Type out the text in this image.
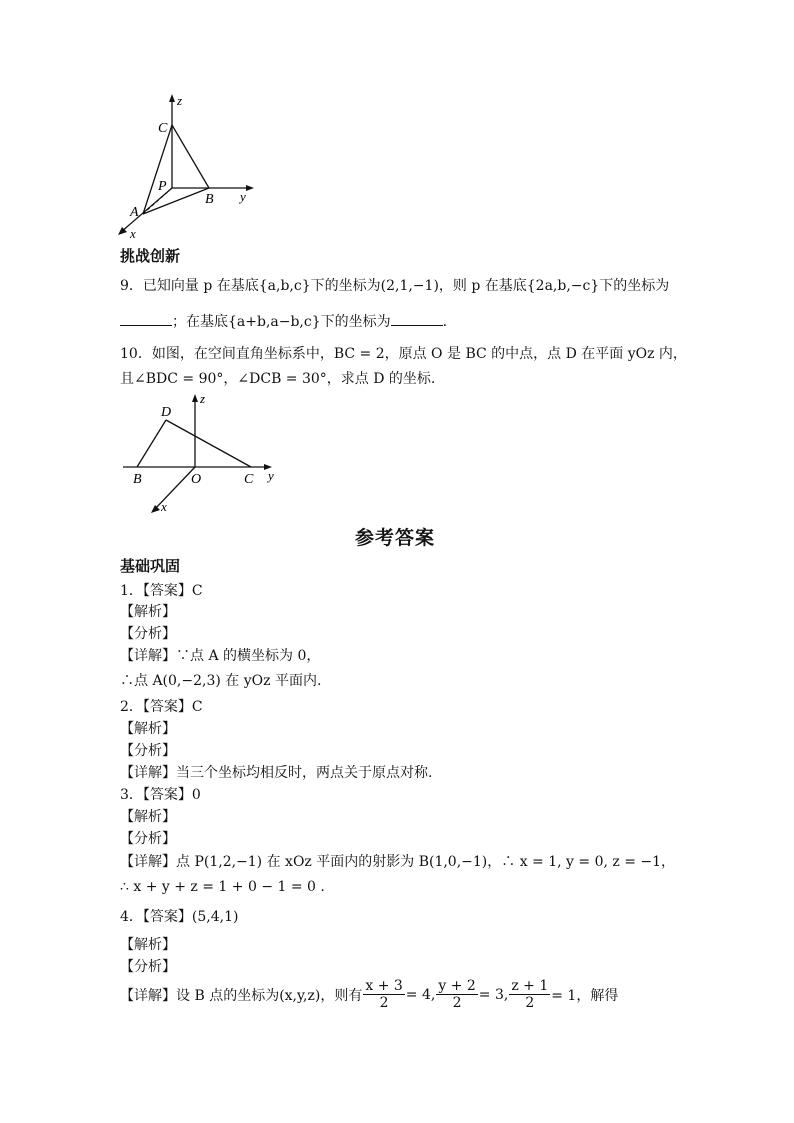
z
C
P
B y
A
x
挑战创新
9．已知向量 p 在基底{a,b,c}下的坐标为(2,1,−1)，则 p 在基底{2a,b,−c}下的坐标为
；在基底{a+b,a−b,c}下的坐标为	.
10．如图，在空间直角坐标系中，BC = 2，原点 O 是 BC 的中点，点 D 在平面 yOz 内，
且∠BDC = 90°，∠DCB = 30°，求点 D 的坐标.
D
z
B	O	C y
x
参考答案
基础巩固
1．【答案】C
【解析】
【分析】
【详解】∵点 A 的横坐标为 0，
∴点 A(0,−2,3) 在 yOz 平面内.
2．【答案】C
【解析】
【分析】
【详解】当三个坐标均相反时，两点关于原点对称.
3．【答案】0
【解析】
【分析】
【详解】点 P(1,2,−1) 在 xOz 平面内的射影为 B(1,0,−1)，∴ x = 1, y = 0, z = −1，
∴ x + y + z = 1 + 0 − 1 = 0 .
4．【答案】(5,4,1)
【解析】
【分析】
【详解】设 B 点的坐标为(x,y,z)，则有 $\frac{x + 3}{2} = 4$, $\frac{y + 2}{2} = 3$, $\frac{z + 1}{2} = 1$，解得
